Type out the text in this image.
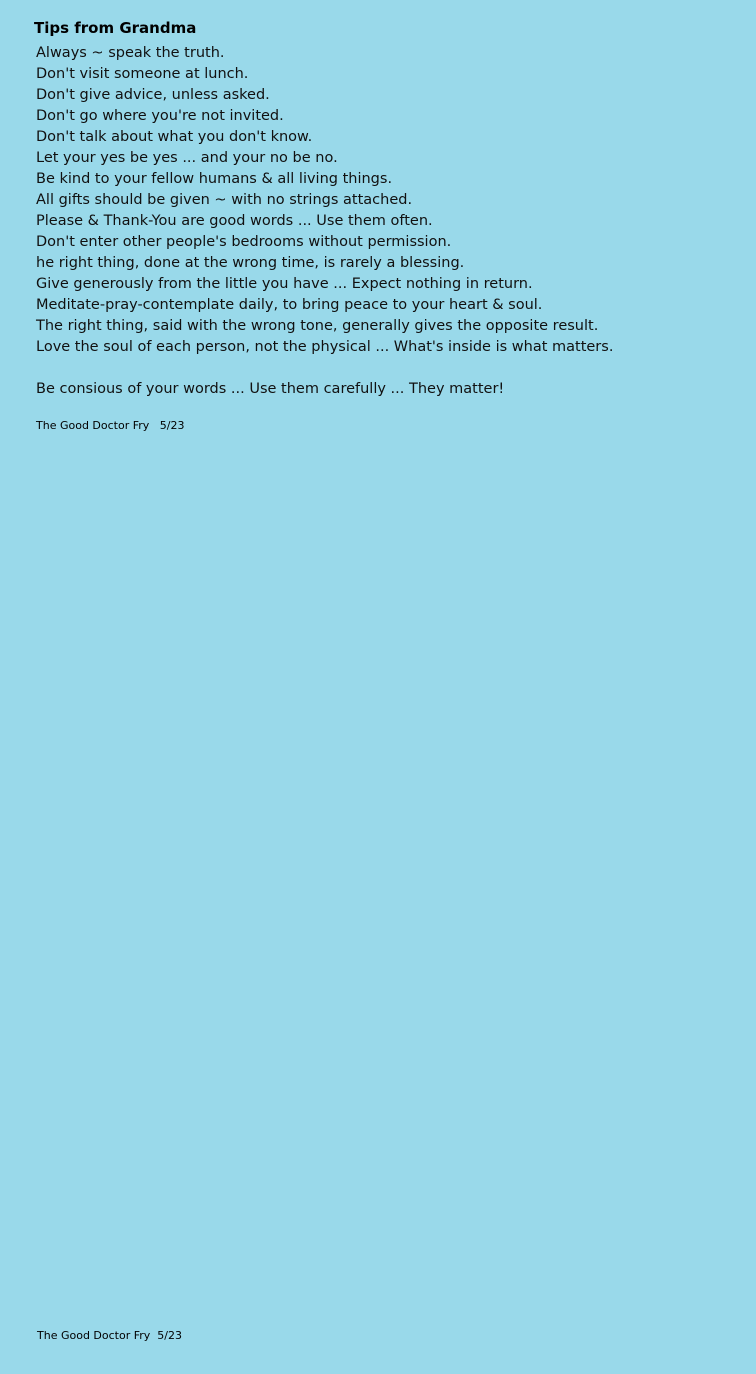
Tips from Grandma
Always ~ speak the truth.
Don't visit someone at lunch.
Don't give advice, unless asked.
Don't go where you're not invited.
Don't talk about what you don't know.
Let your yes be yes ... and your no be no.
Be kind to your fellow humans & all living things.
All gifts should be given ~ with no strings attached.
Please & Thank-You are good words ... Use them often.
Don't enter other people's bedrooms without permission.
he right thing, done at the wrong time, is rarely a blessing.
Give generously from the little you have ... Expect nothing in return.
Meditate-pray-contemplate daily, to bring peace to your heart & soul.
The right thing, said with the wrong tone, generally gives the opposite result.
Love the soul of each person, not the physical ... What's inside is what matters.
Be consious of your words ... Use them carefully ... They matter!
The Good Doctor Fry   5/23
The Good Doctor Fry  5/23
